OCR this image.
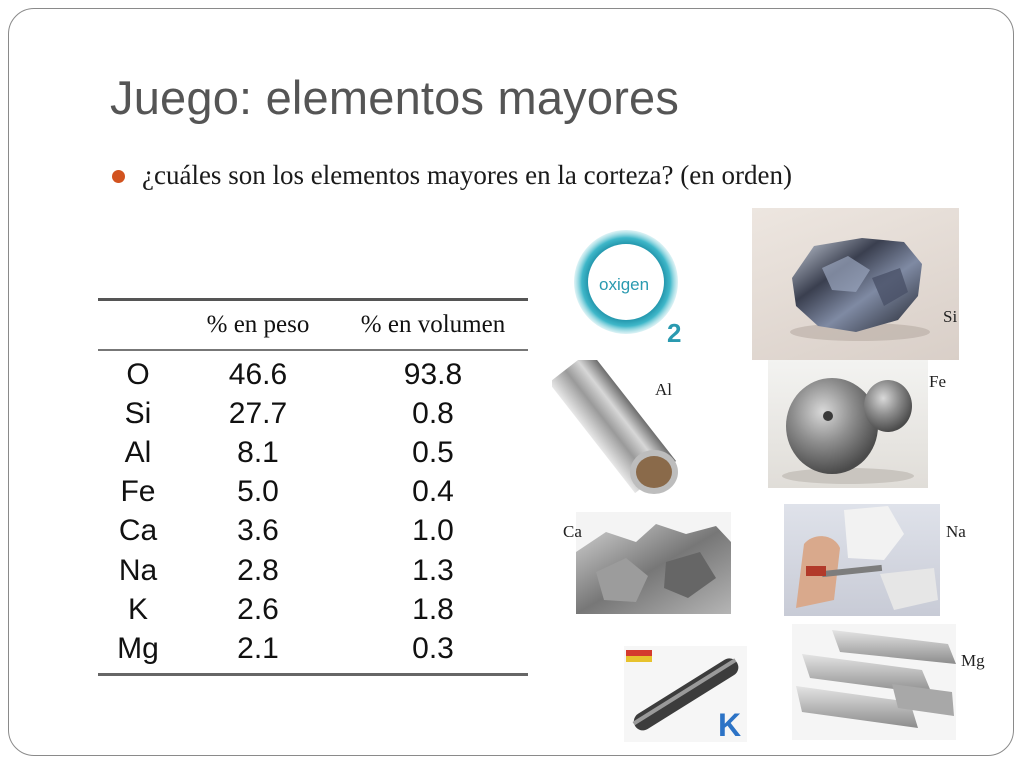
Juego: elementos mayores
¿cuáles son los elementos mayores en la corteza? (en orden)
	% en peso	% en volumen
O	46.6	93.8
Si	27.7	0.8
Al	8.1	0.5
Fe	5.0	0.4
Ca	3.6	1.0
Na	2.8	1.3
K	2.6	1.8
Mg	2.1	0.3
oxigen
2
Si
Al	Fe
Ca	Na
K
Mg
